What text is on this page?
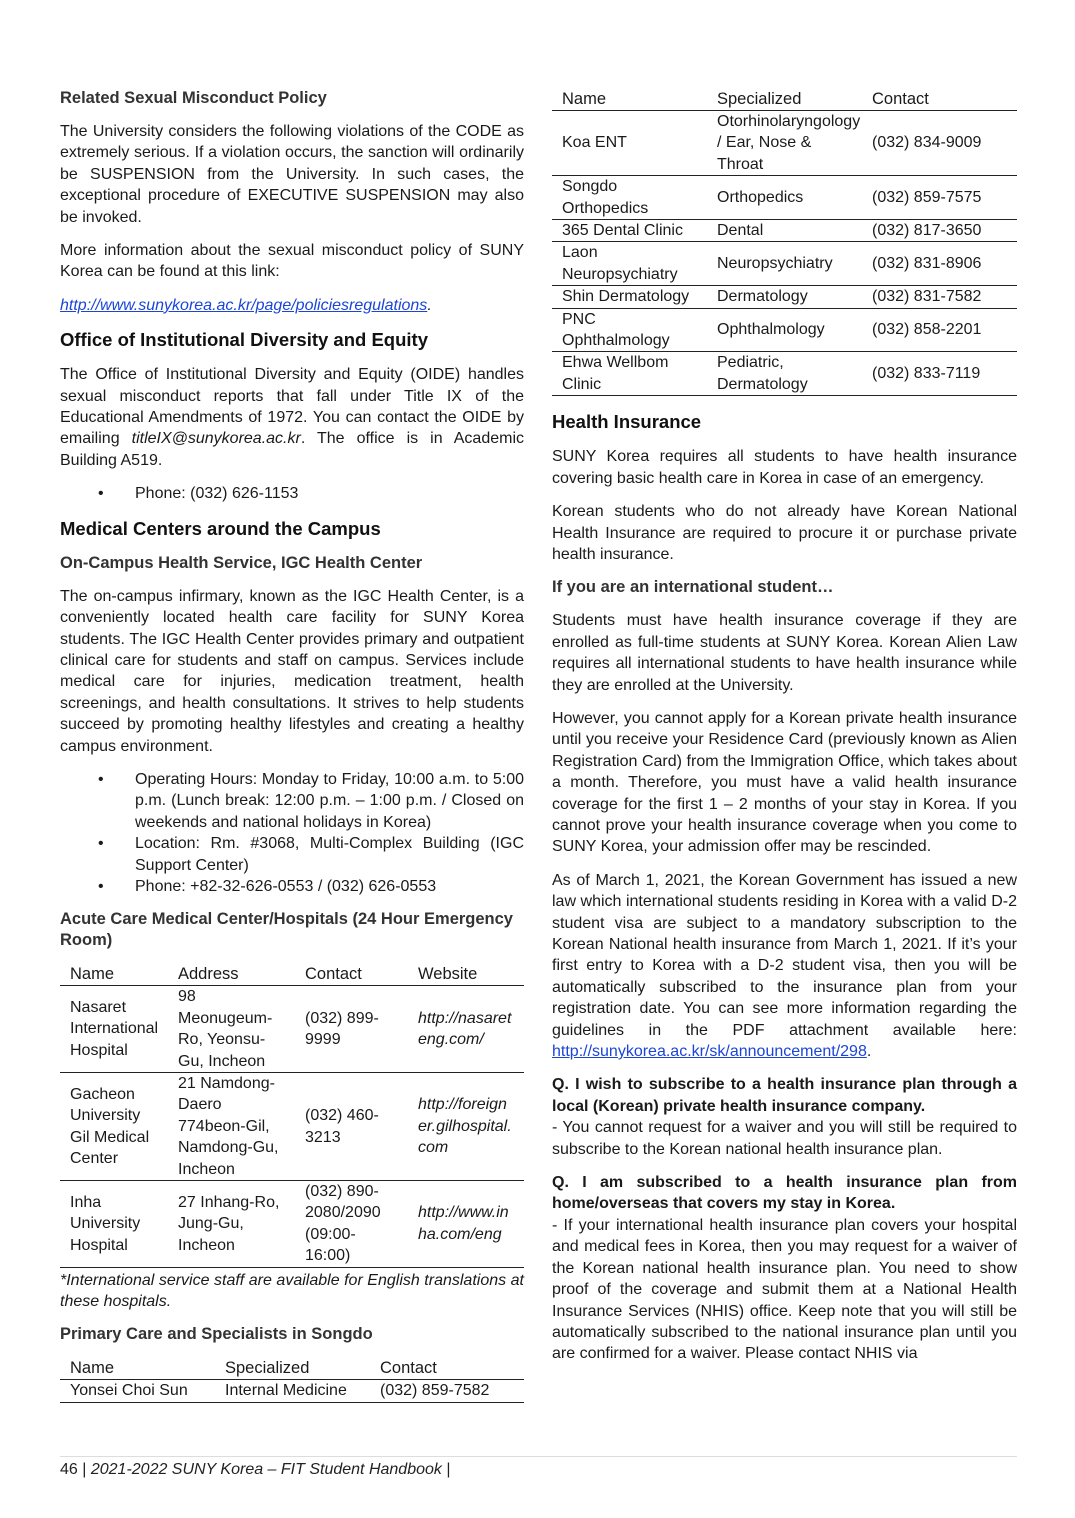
Related Sexual Misconduct Policy

The University considers the following violations of the CODE as extremely serious. If a violation occurs, the sanction will ordinarily be SUSPENSION from the University. In such cases, the exceptional procedure of EXECUTIVE SUSPENSION may also be invoked.

More information about the sexual misconduct policy of SUNY Korea can be found at this link:

http://www.sunykorea.ac.kr/page/policiesregulations.

Office of Institutional Diversity and Equity

The Office of Institutional Diversity and Equity (OIDE) handles sexual misconduct reports that fall under Title IX of the Educational Amendments of 1972. You can contact the OIDE by emailing titleIX@sunykorea.ac.kr. The office is in Academic Building A519.

• Phone: (032) 626-1153
Medical Centers around the Campus
On-Campus Health Service, IGC Health Center

The on-campus infirmary, known as the IGC Health Center, is a conveniently located health care facility for SUNY Korea students. The IGC Health Center provides primary and outpatient clinical care for students and staff on campus. Services include medical care for injuries, medication treatment, health screenings, and health consultations. It strives to help students succeed by promoting healthy lifestyles and creating a healthy campus environment.

• Operating Hours: Monday to Friday, 10:00 a.m. to 5:00 p.m. (Lunch break: 12:00 p.m. – 1:00 p.m. / Closed on weekends and national holidays in Korea)
• Location: Rm. #3068, Multi-Complex Building (IGC Support Center)
• Phone: +82-32-626-0553 / (032) 626-0553
Acute Care Medical Center/Hospitals (24 Hour Emergency Room)
Name	Address	Contact	Website
Nasaret International Hospital	98 Meonugeum-Ro, Yeonsu-Gu, Incheon	(032) 899-9999	http://nasareteng.com/
Gacheon University Gil Medical Center	21 Namdong-Daero 774beon-Gil, Namdong-Gu, Incheon	(032) 460-3213	http://foreigner.gilhospital.com
Inha University Hospital	27 Inhang-Ro, Jung-Gu, Incheon	(032) 890-2080/2090 (09:00-16:00)	http://www.inha.com/eng

*International service staff are available for English translations at these hospitals.

Primary Care and Specialists in Songdo
Name	Specialized	Contact
Yonsei Choi Sun	Internal Medicine	(032) 859-7582
Name	Specialized	Contact
Koa ENT	Otorhinolaryngology / Ear, Nose & Throat	(032) 834-9009
Songdo Orthopedics	Orthopedics	(032) 859-7575
365 Dental Clinic	Dental	(032) 817-3650
Laon Neuropsychiatry	Neuropsychiatry	(032) 831-8906
Shin Dermatology	Dermatology	(032) 831-7582
PNC Ophthalmology	Ophthalmology	(032) 858-2201
Ehwa Wellbom Clinic	Pediatric, Dermatology	(032) 833-7119
Health Insurance

SUNY Korea requires all students to have health insurance covering basic health care in Korea in case of an emergency.

Korean students who do not already have Korean National Health Insurance are required to procure it or purchase private health insurance.

If you are an international student…

Students must have health insurance coverage if they are enrolled as full-time students at SUNY Korea. Korean Alien Law requires all international students to have health insurance while they are enrolled at the University.

However, you cannot apply for a Korean private health insurance until you receive your Residence Card (previously known as Alien Registration Card) from the Immigration Office, which takes about a month. Therefore, you must have a valid health insurance coverage for the first 1 – 2 months of your stay in Korea. If you cannot prove your health insurance coverage when you come to SUNY Korea, your admission offer may be rescinded.

As of March 1, 2021, the Korean Government has issued a new law which international students residing in Korea with a valid D-2 student visa are subject to a mandatory subscription to the Korean National health insurance from March 1, 2021. If it’s your first entry to Korea with a D-2 student visa, then you will be automatically subscribed to the insurance plan from your registration date. You can see more information regarding the guidelines in the PDF attachment available here: http://sunykorea.ac.kr/sk/announcement/298.

Q. I wish to subscribe to a health insurance plan through a local (Korean) private health insurance company.
- You cannot request for a waiver and you will still be required to subscribe to the Korean national health insurance plan.

Q. I am subscribed to a health insurance plan from home/overseas that covers my stay in Korea.
- If your international health insurance plan covers your hospital and medical fees in Korea, then you may request for a waiver of the Korean national health insurance plan. You need to show proof of the coverage and submit them at a National Health Insurance Services (NHIS) office. Keep note that you will still be automatically subscribed to the national insurance plan until you are confirmed for a waiver. Please contact NHIS via

46 | 2021-2022 SUNY Korea – FIT Student Handbook |
